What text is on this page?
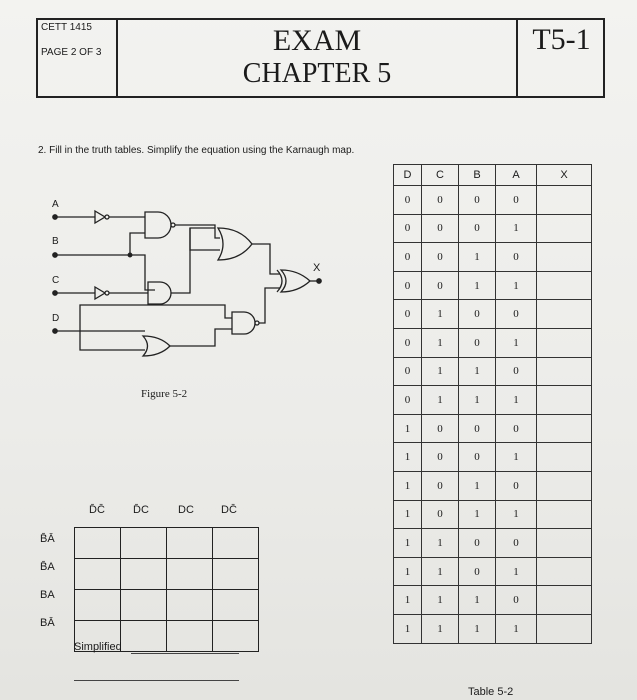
CETT 1415
PAGE 2 OF 3	EXAM
CHAPTER 5
T5-1
2. Fill in the truth tables. Simplify the equation using the Karnaugh map.
A
B
C
D
X
Figure 5-2
D	C	B	A	X
0	0	0	0	
0	0	0	1	
0	0	1	0	
0	0	1	1	
0	1	0	0	
0	1	0	1	
0	1	1	0	
0	1	1	1	
1	0	0	0	
1	0	0	1	
1	0	1	0	
1	0	1	1	
1	1	0	0	
1	1	0	1	
1	1	1	0	
1	1	1	1	
Table 5-2
D̄C̄	D̄C	DC DC̄
B̄Ā
B̄A
BA
BĀ

Simplified
